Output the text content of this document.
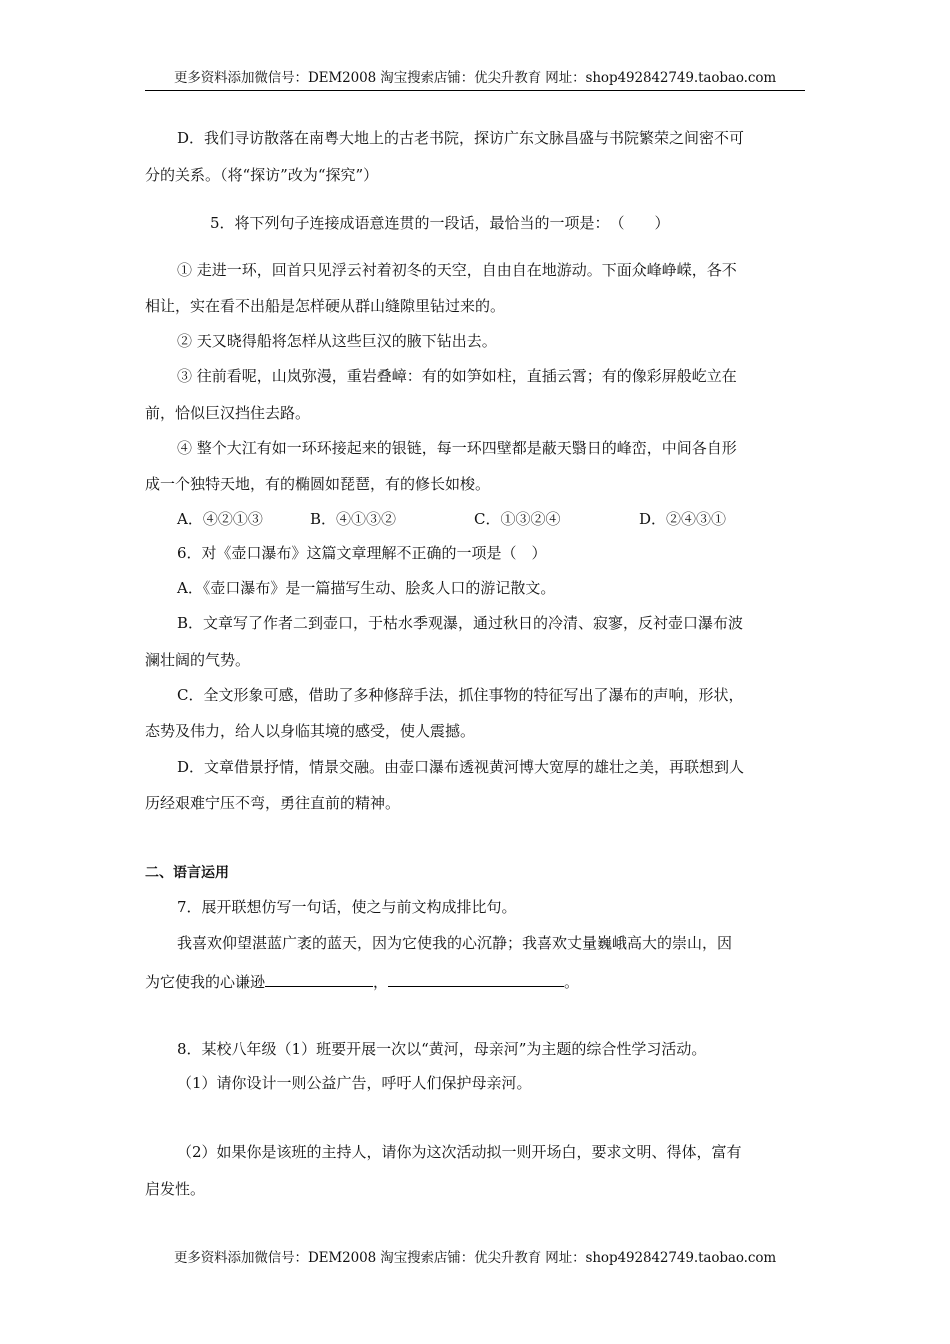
更多资料添加微信号：DEM2008 淘宝搜索店铺：优尖升教育 网址：shop492842749.taobao.com
D．我们寻访散落在南粤大地上的古老书院，探访广东文脉昌盛与书院繁荣之间密不可
分的关系。（将“探访”改为“探究”）
5．将下列句子连接成语意连贯的一段话，最恰当的一项是：　（　　）
① 走进一环，回首只见浮云衬着初冬的天空，自由自在地游动。下面众峰峥嵘，各不
相让，实在看不出船是怎样硬从群山缝隙里钻过来的。
② 天又晓得船将怎样从这些巨汉的腋下钻出去。
③ 往前看呢，山岚弥漫，重岩叠嶂：有的如笋如柱，直插云霄；有的像彩屏般屹立在
前，恰似巨汉挡住去路。
④ 整个大江有如一环环接起来的银链，每一环四壁都是蔽天翳日的峰峦，中间各自形
成一个独特天地，有的椭圆如琵琶，有的修长如梭。
A．④②①③	B．④①③②	C．①③②④	D．②④③①
6．对《壶口瀑布》这篇文章理解不正确的一项是（　）
A．《壶口瀑布》是一篇描写生动、脍炙人口的游记散文。
B．文章写了作者二到壶口，于枯水季观瀑，通过秋日的冷清、寂寥，反衬壶口瀑布波
澜壮阔的气势。
C．全文形象可感，借助了多种修辞手法，抓住事物的特征写出了瀑布的声响，形状，
态势及伟力，给人以身临其境的感受，使人震撼。
D．文章借景抒情，情景交融。由壶口瀑布透视黄河博大宽厚的雄壮之美，再联想到人
历经艰难宁压不弯，勇往直前的精神。
二、语言运用
7．展开联想仿写一句话，使之与前文构成排比句。
我喜欢仰望湛蓝广袤的蓝天，因为它使我的心沉静；我喜欢丈量巍峨高大的崇山，因
为它使我的心谦逊	，	。
8．某校八年级（1）班要开展一次以“黄河，母亲河”为主题的综合性学习活动。
（1）请你设计一则公益广告，呼吁人们保护母亲河。
（2）如果你是该班的主持人，请你为这次活动拟一则开场白，要求文明、得体，富有
启发性。
更多资料添加微信号：DEM2008 淘宝搜索店铺：优尖升教育 网址：shop492842749.taobao.com
